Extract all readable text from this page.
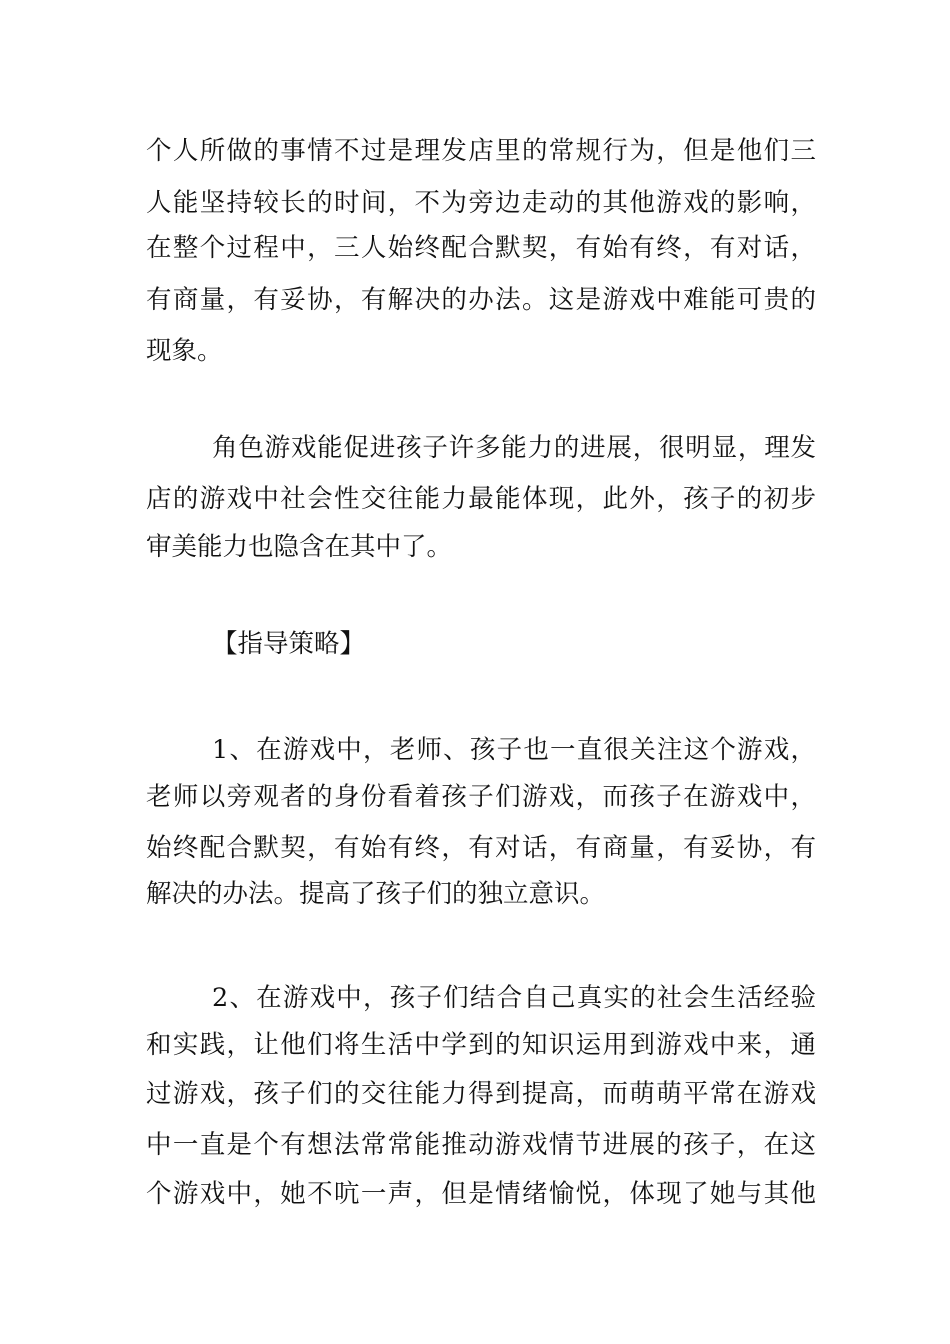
个人所做的事情不过是理发店里的常规行为，但是他们三
人能坚持较长的时间，不为旁边走动的其他游戏的影响，
在整个过程中，三人始终配合默契，有始有终，有对话，
有商量，有妥协，有解决的办法。这是游戏中难能可贵的
现象。
角色游戏能促进孩子许多能力的进展，很明显，理发
店的游戏中社会性交往能力最能体现，此外，孩子的初步
审美能力也隐含在其中了。
【指导策略】
1、在游戏中，老师、孩子也一直很关注这个游戏，
老师以旁观者的身份看着孩子们游戏，而孩子在游戏中，
始终配合默契，有始有终，有对话，有商量，有妥协，有
解决的办法。提高了孩子们的独立意识。
2、在游戏中，孩子们结合自己真实的社会生活经验
和实践，让他们将生活中学到的知识运用到游戏中来，通
过游戏，孩子们的交往能力得到提高，而萌萌平常在游戏
中一直是个有想法常常能推动游戏情节进展的孩子，在这
个游戏中，她不吭一声，但是情绪愉悦，体现了她与其他
